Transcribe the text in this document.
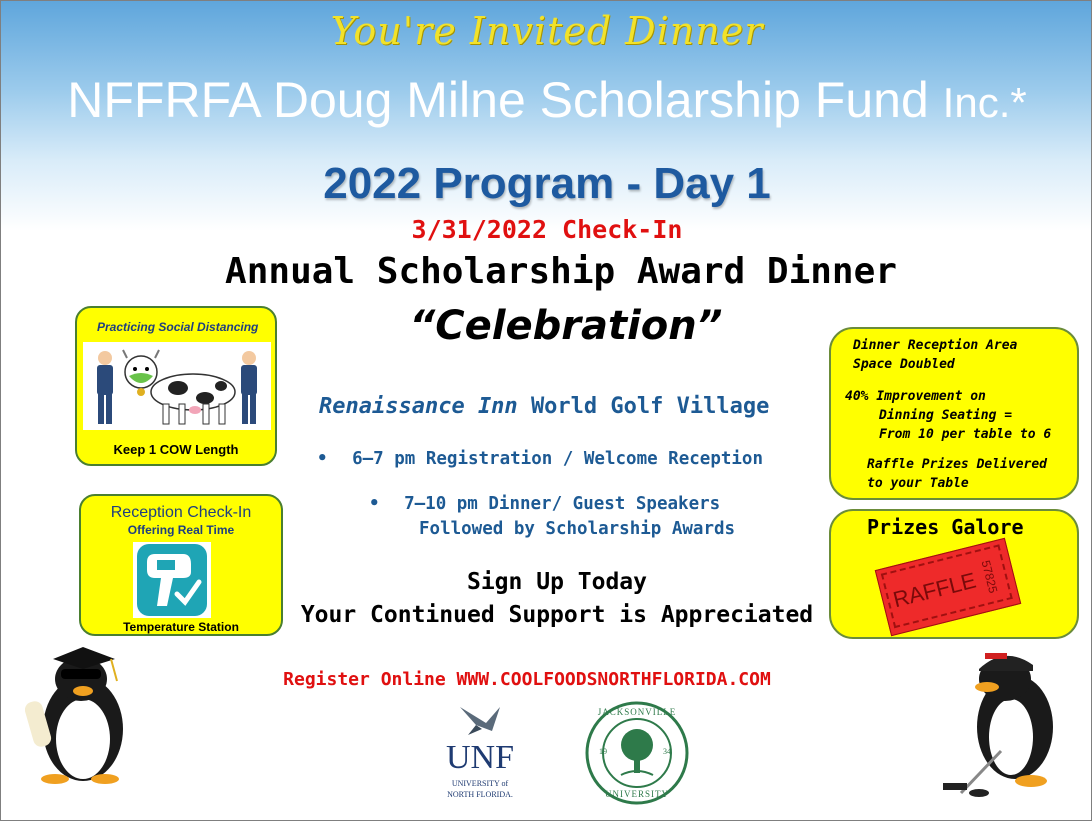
You're Invited Dinner
NFFRFA Doug Milne Scholarship Fund Inc.*
2022 Program - Day 1
3/31/2022 Check-In
Annual Scholarship Award Dinner
“Celebration”
Practicing Social Distancing
Keep 1 COW Length
Reception Check-In
Offering Real Time
Temperature Station
Renaissance Inn World Golf Village
• 6–7 pm Registration / Welcome Reception
• 7–10 pm Dinner/ Guest Speakers
Followed by Scholarship Awards
Sign Up Today
Your Continued Support is Appreciated
Register Online WWW.COOLFOODSNORTHFLORIDA.COM
Dinner Reception Area
Space Doubled
40% Improvement on
Dinning Seating =
From 10 per table to 6
Raffle Prizes Delivered
to your Table
Prizes Galore
RAFFLE 57825
UNF
UNIVERSITY of
NORTH FLORIDA.
JACKSONVILLE
19	34
UNIVERSITY
